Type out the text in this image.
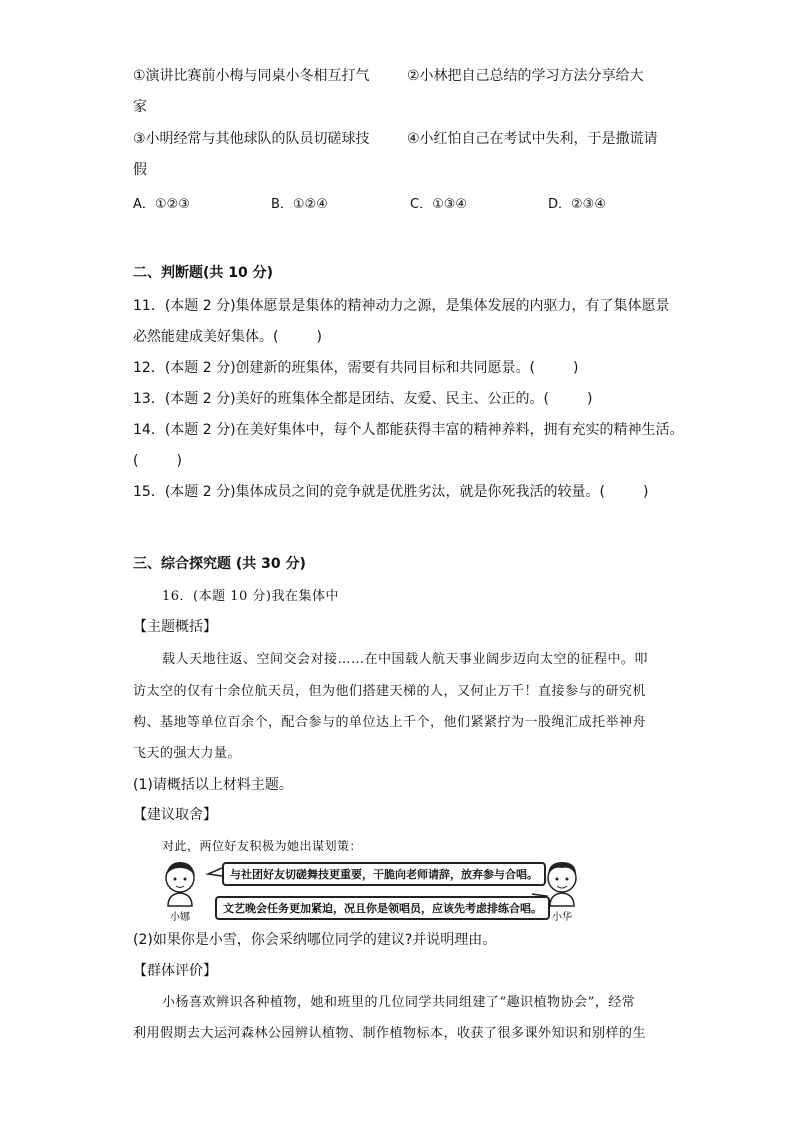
①演讲比赛前小梅与同桌小冬相互打气	②小林把自己总结的学习方法分享给大
家
③小明经常与其他球队的队员切磋球技	④小红怕自己在考试中失利，于是撒谎请
假
A．①②③	B．①②④	C．①③④	D．②③④
二、判断题(共 10 分)
11．(本题 2 分)集体愿景是集体的精神动力之源，是集体发展的内驱力，有了集体愿景
必然能建成美好集体。(	)
12．(本题 2 分)创建新的班集体，需要有共同目标和共同愿景。(	)
13．(本题 2 分)美好的班集体全都是团结、友爱、民主、公正的。(	)
14．(本题 2 分)在美好集体中，每个人都能获得丰富的精神养料，拥有充实的精神生活。
(	)
15．(本题 2 分)集体成员之间的竞争就是优胜劣汰，就是你死我活的较量。(	)
三、综合探究题 (共 30 分)
16．(本题 10 分)我在集体中
【主题概括】
载人天地往返、空间交会对接……在中国载人航天事业阔步迈向太空的征程中。叩
访太空的仅有十余位航天员，但为他们搭建天梯的人，又何止万千！直接参与的研究机
构、基地等单位百余个，配合参与的单位达上千个，他们紧紧拧为一股绳汇成托举神舟
飞天的强大力量。
(1)请概括以上材料主题。
【建议取舍】
对此，两位好友积极为她出谋划策：
与社团好友切磋舞技更重要，干脆向老师请辞，放弃参与合唱。
文艺晚会任务更加紧迫，况且你是领唱员，应该先考虑排练合唱。
小娜	小华
(2)如果你是小雪，你会采纳哪位同学的建议?并说明理由。
【群体评价】
小杨喜欢辨识各种植物，她和班里的几位同学共同组建了“趣识植物协会”，经常
利用假期去大运河森林公园辨认植物、制作植物标本，收获了很多课外知识和别样的生
